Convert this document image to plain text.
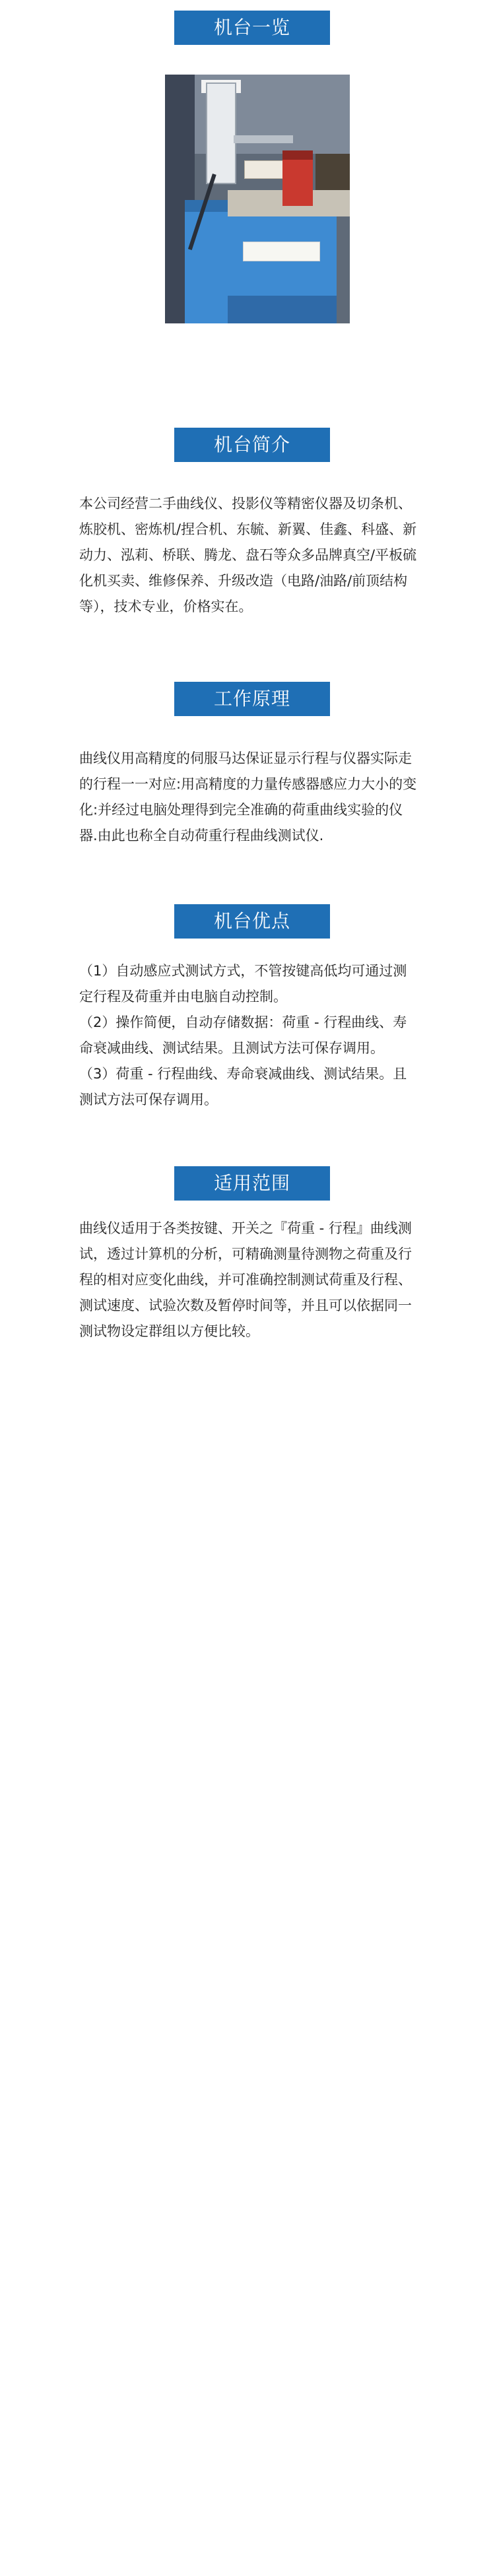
机台一览
机台简介
本公司经营二手曲线仪、投影仪等精密仪器及切条机、炼胶机、密炼机/捏合机、东毓、新翼、佳鑫、科盛、新动力、泓莉、桥联、腾龙、盘石等众多品牌真空/平板硫化机买卖、维修保养、升级改造（电路/油路/前顶结构等），技术专业，价格实在。
工作原理
曲线仪用高精度的伺服马达保证显示行程与仪器实际走的行程一一对应:用高精度的力量传感器感应力大小的变化:并经过电脑处理得到完全准确的荷重曲线实验的仪器.由此也称全自动荷重行程曲线测试仪.
机台优点
（1）自动感应式测试方式，不管按键高低均可通过测定行程及荷重并由电脑自动控制。
（2）操作简便，自动存储数据：荷重 - 行程曲线、寿命衰减曲线、测试结果。且测试方法可保存调用。
（3）荷重 - 行程曲线、寿命衰减曲线、测试结果。且测试方法可保存调用。
适用范围
曲线仪适用于各类按键、开关之『荷重 - 行程』曲线测试，透过计算机的分析，可精确测量待测物之荷重及行程的相对应变化曲线，并可准确控制测试荷重及行程、测试速度、试验次数及暂停时间等，并且可以依据同一测试物设定群组以方便比较。
